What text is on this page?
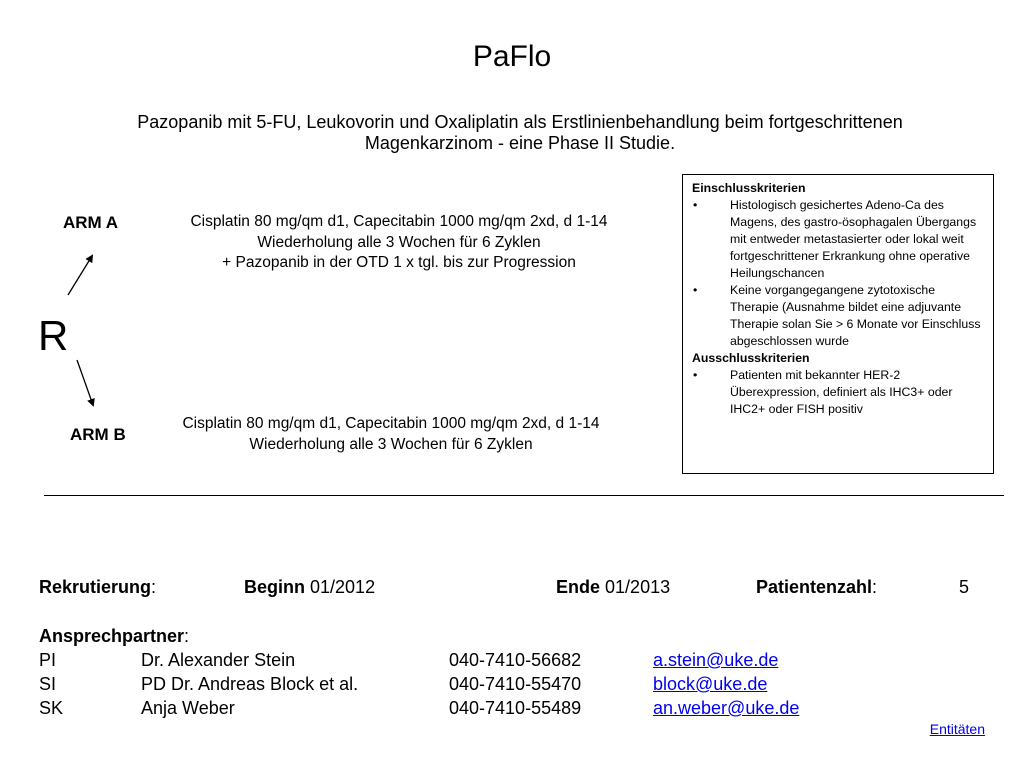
PaFlo
Pazopanib mit 5-FU, Leukovorin und Oxaliplatin als Erstlinienbehandlung beim fortgeschrittenen
Magenkarzinom - eine Phase II Studie.
ARM A	Cisplatin 80 mg/qm d1, Capecitabin 1000 mg/qm 2xd, d 1-14
Wiederholung alle 3 Wochen für 6 Zyklen
+ Pazopanib in der OTD 1 x tgl. bis zur Progression
R
ARM B
Cisplatin 80 mg/qm d1, Capecitabin 1000 mg/qm 2xd, d 1-14
Wiederholung alle 3 Wochen für 6 Zyklen
Einschlusskriterien
•	Histologisch gesichertes Adeno-Ca des Magens, des gastro-ösophagalen Übergangs mit entweder metastasierter oder lokal weit fortgeschrittener Erkrankung ohne operative Heilungschancen
•	Keine vorgangegangene zytotoxische Therapie (Ausnahme bildet eine adjuvante Therapie solan Sie > 6 Monate vor Einschluss abgeschlossen wurde
Ausschlusskriterien
•	Patienten mit bekannter HER-2 Überexpression, definiert als IHC3+ oder IHC2+ oder FISH positiv
Rekrutierung:	Beginn 01/2012	Ende 01/2013	Patientenzahl:	5
Ansprechpartner:
PI	Dr. Alexander Stein	040-7410-56682	a.stein@uke.de
SI	PD Dr. Andreas Block et al.	040-7410-55470	block@uke.de
SK	Anja Weber	040-7410-55489	an.weber@uke.de
Entitäten
